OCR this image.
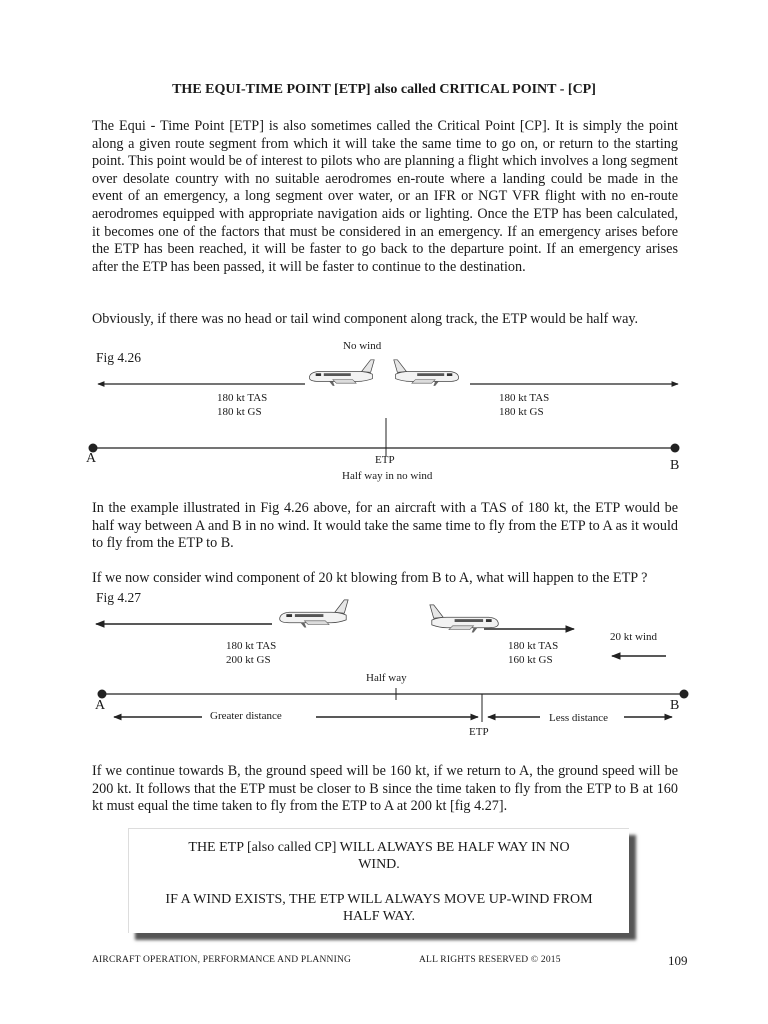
THE EQUI-TIME POINT [ETP] also called CRITICAL POINT - [CP]
The Equi - Time Point [ETP] is also sometimes called the Critical Point [CP]. It is simply the point along a given route segment from which it will take the same time to go on, or return to the starting point. This point would be of interest to pilots who are planning a flight which involves a long segment over desolate country with no suitable aerodromes en-route where a landing could be made in the event of an emergency, a long segment over water, or an IFR or NGT VFR flight with no en-route aerodromes equipped with appropriate navigation aids or lighting. Once the ETP has been calculated, it becomes one of the factors that must be considered in an emergency. If an emergency arises before the ETP has been reached, it will be faster to go back to the departure point. If an emergency arises after the ETP has been passed, it will be faster to continue to the destination.
Obviously, if there was no head or tail wind component along track, the ETP would be half way.
Fig 4.26
No wind
180 kt TAS
180 kt GS
180 kt TAS
180 kt GS
A	B
ETP
Half way in no wind
In the example illustrated in Fig 4.26 above, for an aircraft with a TAS of 180 kt, the ETP would be half way between A and B in no wind. It would take the same time to fly from the ETP to A as it would to fly from the ETP to B.
If we now consider wind component of 20 kt blowing from B to A, what will happen to the ETP ?
Fig 4.27
180 kt TAS
200 kt GS
180 kt TAS
160 kt GS
20 kt wind
Half way
A	B
Greater distance	Less distance
ETP
If we continue towards B, the ground speed will be 160 kt, if we return to A, the ground speed will be 200 kt. It follows that the ETP must be closer to B since the time taken to fly from the ETP to B at 160 kt must equal the time taken to fly from the ETP to A at 200 kt [fig 4.27].
THE ETP [also called CP] WILL ALWAYS BE HALF WAY IN NO
WIND.
IF A WIND EXISTS, THE ETP WILL ALWAYS MOVE UP-WIND FROM
HALF WAY.
AIRCRAFT OPERATION, PERFORMANCE AND PLANNING	ALL RIGHTS RESERVED © 2015	109
